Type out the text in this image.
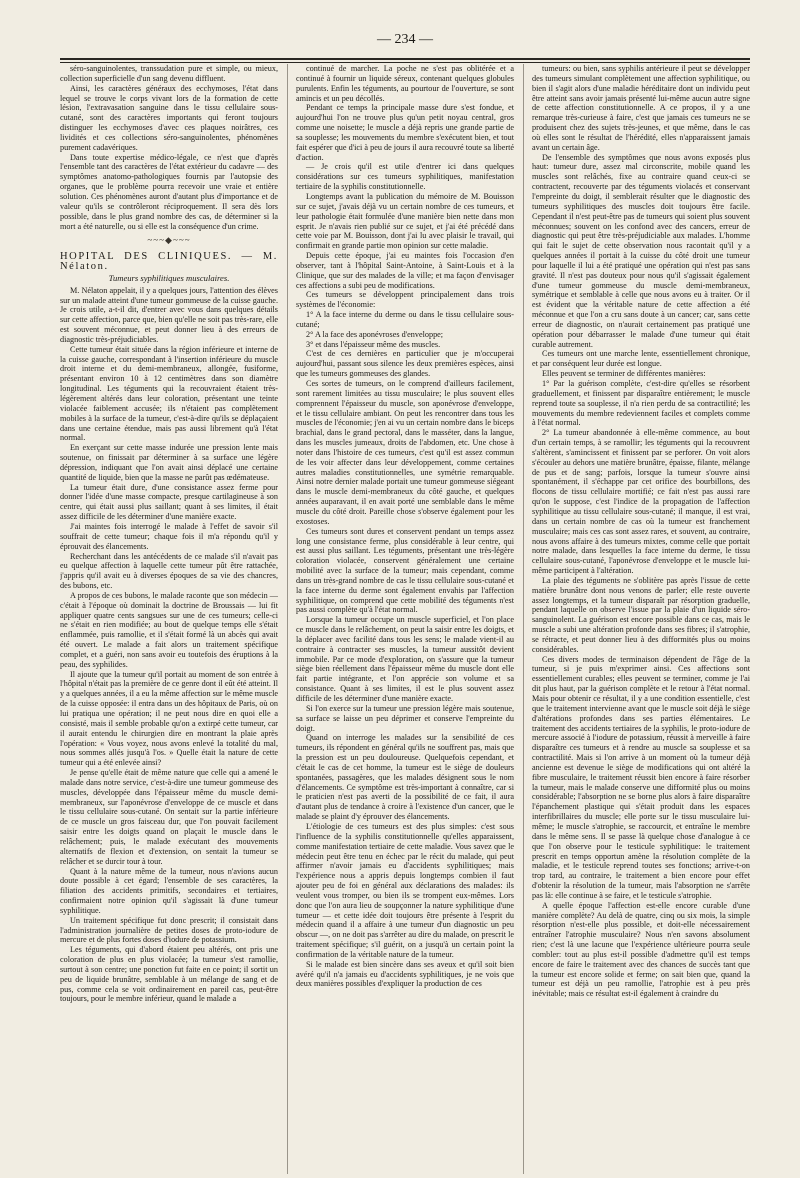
— 234 —

séro-sanguinolentes, transsudation pure et simple, ou mieux, collection superficielle d'un sang devenu diffluent.

Ainsi, les caractères généraux des ecchymoses, l'état dans lequel se trouve le corps vivant lors de la formation de cette lésion, l'extravasation sanguine dans le tissu cellulaire sous-cutané, sont des caractères importants qui feront toujours distinguer les ecchymoses d'avec ces plaques noirâtres, ces lividités et ces collections séro-sanguinolentes, phénomènes purement cadavériques.

Dans toute expertise médico-légale, ce n'est que d'après l'ensemble tant des caractères de l'état extérieur du cadavre — des symptômes anatomo-pathologiques fournis par l'autopsie des organes, que le problème pourra recevoir une vraie et entière solution. Ces phénomènes auront d'autant plus d'importance et de valeur qu'ils se contrôleront réciproquement. Il sera dès lors possible, dans le plus grand nombre des cas, de déterminer si la mort a été naturelle, ou si elle est la conséquence d'un crime.

~~~◆~~~
HOPITAL DES CLINIQUES. — M. Nélaton.
Tumeurs syphilitiques musculaires.

M. Nélaton appelait, il y a quelques jours, l'attention des élèves sur un malade atteint d'une tumeur gommeuse de la cuisse gauche. Je crois utile, a-t-il dit, d'entrer avec vous dans quelques détails sur cette affection, parce que, bien qu'elle ne soit pas très-rare, elle est souvent méconnue, et peut donner lieu à des erreurs de diagnostic très-préjudiciables.

Cette tumeur était située dans la région inférieure et interne de la cuisse gauche, correspondant à l'insertion inférieure du muscle droit interne et du demi-membraneux, allongée, fusiforme, présentant environ 10 à 12 centimètres dans son diamètre longitudinal. Les téguments qui la recouvraient étaient très-légèrement altérés dans leur coloration, présentant une teinte violacée faiblement accusée; ils n'étaient pas complètement mobiles à la surface de la tumeur, c'est-à-dire qu'ils se déplaçaient dans une certaine étendue, mais pas aussi librement qu'à l'état normal.

En exerçant sur cette masse indurée une pression lente mais soutenue, on finissait par déterminer à sa surface une légère dépression, indiquant que l'on avait ainsi déplacé une certaine quantité de liquide, bien que la masse ne parût pas œdémateuse.

La tumeur était dure, d'une consistance assez ferme pour donner l'idée d'une masse compacte, presque cartilagineuse à son centre, qui était aussi plus saillant; quant à ses limites, il était assez difficile de les déterminer d'une manière exacte.

J'ai maintes fois interrogé le malade à l'effet de savoir s'il souffrait de cette tumeur; chaque fois il m'a répondu qu'il y éprouvait des élancements.

Recherchant dans les antécédents de ce malade s'il n'avait pas eu quelque affection à laquelle cette tumeur pût être rattachée, j'appris qu'il avait eu à diverses époques de sa vie des chancres, des bubons, etc.

A propos de ces bubons, le malade raconte que son médecin — c'était à l'époque où dominait la doctrine de Broussais — lui fit appliquer quatre cents sangsues sur une de ces tumeurs; celle-ci ne s'était en rien modifiée; au bout de quelque temps elle s'était enflammée, puis ramollie, et il s'était formé là un abcès qui avait été ouvert. Le malade a fait alors un traitement spécifique complet, et a guéri, non sans avoir eu toutefois des éruptions à la peau, des syphilides.

Il ajoute que la tumeur qu'il portait au moment de son entrée à l'hôpital n'était pas la première de ce genre dont il eût été atteint. Il y a quelques années, il a eu la même affection sur le même muscle de la cuisse opposée: il entra dans un des hôpitaux de Paris, où on lui pratiqua une opération; il ne peut nous dire en quoi elle a consisté, mais il semble probable qu'on a extirpé cette tumeur, car il aurait entendu le chirurgien dire en montrant la plaie après l'opération: « Vous voyez, nous avons enlevé la totalité du mal, nous sommes allés jusqu'à l'os. » Quelle était la nature de cette tumeur qui a été enlevée ainsi?

Je pense qu'elle était de même nature que celle qui a amené le malade dans notre service, c'est-à-dire une tumeur gommeuse des muscles, développée dans l'épaisseur même du muscle demi-membraneux, sur l'aponévrose d'enveloppe de ce muscle et dans le tissu cellulaire sous-cutané. On sentait sur la partie inférieure de ce muscle un gros faisceau dur, que l'on pouvait facilement saisir entre les doigts quand on plaçait le muscle dans le relâchement; puis, le malade exécutant des mouvements alternatifs de flexion et d'extension, on sentait la tumeur se relâcher et se durcir tour à tour.

Quant à la nature même de la tumeur, nous n'avions aucun doute possible à cet égard; l'ensemble de ses caractères, la filiation des accidents primitifs, secondaires et tertiaires, confirmaient notre opinion qu'il s'agissait là d'une tumeur syphilitique.

Un traitement spécifique fut donc prescrit; il consistait dans l'administration journalière de petites doses de proto-iodure de mercure et de plus fortes doses d'iodure de potassium.

Les téguments, qui d'abord étaient peu altérés, ont pris une coloration de plus en plus violacée; la tumeur s'est ramollie, surtout à son centre; une ponction fut faite en ce point; il sortit un peu de liquide brunâtre, semblable à un mélange de sang et de pus, comme cela se voit ordinairement en pareil cas, peut-être toujours, pour le membre inférieur, quand le malade a

continué de marcher. La poche ne s'est pas oblitérée et a continué à fournir un liquide séreux, contenant quelques globules purulents. Enfin les téguments, au pourtour de l'ouverture, se sont amincis et un peu décollés.

Pendant ce temps la principale masse dure s'est fondue, et aujourd'hui l'on ne trouve plus qu'un petit noyau central, gros comme une noisette; le muscle a déjà repris une grande partie de sa souplesse; les mouvements du membre s'exécutent bien, et tout fait espérer que d'ici à peu de jours il aura recouvré toute sa liberté d'action.

— Je crois qu'il est utile d'entrer ici dans quelques considérations sur ces tumeurs syphilitiques, manifestation tertiaire de la syphilis constitutionnelle.

Longtemps avant la publication du mémoire de M. Bouisson sur ce sujet, j'avais déjà vu un certain nombre de ces tumeurs, et leur pathologie était formulée d'une manière bien nette dans mon esprit. Je n'avais rien publié sur ce sujet, et j'ai été précédé dans cette voie par M. Bouisson, dont j'ai lu avec plaisir le travail, qui confirmait en grande partie mon opinion sur cette maladie.

Depuis cette époque, j'ai eu maintes fois l'occasion d'en observer, tant à l'hôpital Saint-Antoine, à Saint-Louis et à la Clinique, que sur des malades de la ville; et ma façon d'envisager ces affections a subi peu de modifications.

Ces tumeurs se développent principalement dans trois systèmes de l'économie:

1° A la face interne du derme ou dans le tissu cellulaire sous-cutané;

2° A la face des aponévroses d'enveloppe;

3° et dans l'épaisseur même des muscles.

C'est de ces dernières en particulier que je m'occuperai aujourd'hui, passant sous silence les deux premières espèces, ainsi que les tumeurs gommeuses des glandes.

Ces sortes de tumeurs, on le comprend d'ailleurs facilement, sont rarement limitées au tissu musculaire; le plus souvent elles comprennent l'épaisseur du muscle, son aponévrose d'enveloppe, et le tissu cellulaire ambiant. On peut les rencontrer dans tous les muscles de l'économie; j'en ai vu un certain nombre dans le biceps brachial, dans le grand pectoral, dans le masséter, dans la langue, dans les muscles jumeaux, droits de l'abdomen, etc. Une chose à noter dans l'histoire de ces tumeurs, c'est qu'il est assez commun de les voir affecter dans leur développement, comme certaines autres maladies constitutionnelles, une symétrie remarquable. Ainsi notre dernier malade portait une tumeur gommeuse siégeant dans le muscle demi-membraneux du côté gauche, et quelques années auparavant, il en avait porté une semblable dans le même muscle du côté droit. Pareille chose s'observe également pour les exostoses.

Ces tumeurs sont dures et conservent pendant un temps assez long une consistance ferme, plus considérable à leur centre, qui est aussi plus saillant. Les téguments, présentant une très-légère coloration violacée, conservent généralement une certaine mobilité avec la surface de la tumeur; mais cependant, comme dans un très-grand nombre de cas le tissu cellulaire sous-cutané et la face interne du derme sont également envahis par l'affection syphilitique, on comprend que cette mobilité des téguments n'est pas aussi complète qu'à l'état normal.

Lorsque la tumeur occupe un muscle superficiel, et l'on place ce muscle dans le relâchement, on peut la saisir entre les doigts, et la déplacer avec facilité dans tous les sens; le malade vient-il au contraire à contracter ses muscles, la tumeur aussitôt devient immobile. Par ce mode d'exploration, on s'assure que la tumeur siège bien réellement dans l'épaisseur même du muscle dont elle fait partie intégrante, et l'on apprécie son volume et sa consistance. Quant à ses limites, il est le plus souvent assez difficile de les déterminer d'une manière exacte.

Si l'on exerce sur la tumeur une pression légère mais soutenue, sa surface se laisse un peu déprimer et conserve l'empreinte du doigt.

Quand on interroge les malades sur la sensibilité de ces tumeurs, ils répondent en général qu'ils ne souffrent pas, mais que la pression est un peu douloureuse. Quelquefois cependant, et c'était le cas de cet homme, la tumeur est le siège de douleurs spontanées, passagères, que les malades désignent sous le nom d'élancements. Ce symptôme est très-important à connaître, car si le praticien n'est pas averti de la possibilité de ce fait, il aura d'autant plus de tendance à croire à l'existence d'un cancer, que le malade se plaint d'y éprouver des élancements.

L'étiologie de ces tumeurs est des plus simples: c'est sous l'influence de la syphilis constitutionnelle qu'elles apparaissent, comme manifestation tertiaire de cette maladie. Vous savez que le médecin peut être tenu en échec par le récit du malade, qui peut affirmer n'avoir jamais eu d'accidents syphilitiques; mais l'expérience nous a appris depuis longtemps combien il faut ajouter peu de foi en général aux déclarations des malades: ils veulent vous tromper, ou bien ils se trompent eux-mêmes. Lors donc que l'on aura lieu de soupçonner la nature syphilitique d'une tumeur — et cette idée doit toujours être présente à l'esprit du médecin quand il a affaire à une tumeur d'un diagnostic un peu obscur —, on ne doit pas s'arrêter au dire du malade, on prescrit le traitement spécifique; s'il guérit, on a jusqu'à un certain point la confirmation de la véritable nature de la tumeur.

Si le malade est bien sincère dans ses aveux et qu'il soit bien avéré qu'il n'a jamais eu d'accidents syphilitiques, je ne vois que deux manières possibles d'expliquer la production de ces

tumeurs: ou bien, sans syphilis antérieure il peut se développer des tumeurs simulant complètement une affection syphilitique, ou bien il s'agit alors d'une maladie héréditaire dont un individu peut être atteint sans avoir jamais présenté lui-même aucun autre signe de cette affection constitutionnelle. A ce propos, il y a une remarque très-curieuse à faire, c'est que jamais ces tumeurs ne se produisent chez des sujets très-jeunes, et que même, dans le cas où elles sont le résultat de l'hérédité, elles n'apparaissent jamais avant un certain âge.

De l'ensemble des symptômes que nous avons exposés plus haut: tumeur dure, assez mal circonscrite, mobile quand les muscles sont relâchés, fixe au contraire quand ceux-ci se contractent, recouverte par des téguments violacés et conservant l'empreinte du doigt, il semblerait résulter que le diagnostic des tumeurs syphilitiques des muscles doit toujours être facile. Cependant il n'est peut-être pas de tumeurs qui soient plus souvent méconnues; souvent on les confond avec des cancers, erreur de diagnostic qui peut être très-préjudiciable aux malades. L'homme qui fait le sujet de cette observation nous racontait qu'il y a quelques années il portait à la cuisse du côté droit une tumeur pour laquelle il lui a été pratiqué une opération qui n'est pas sans gravité. Il n'est pas douteux pour nous qu'il s'agissait également d'une tumeur gommeuse du muscle demi-membraneux, symétrique et semblable à celle que nous avons eu à traiter. Or il est évident que la véritable nature de cette affection a été méconnue et que l'on a cru sans doute à un cancer; car, sans cette erreur de diagnostic, on n'aurait certainement pas pratiqué une opération pour débarrasser le malade d'une tumeur qui était curable autrement.

Ces tumeurs ont une marche lente, essentiellement chronique, et par conséquent leur durée est longue.

Elles peuvent se terminer de différentes manières:

1° Par la guérison complète, c'est-dire qu'elles se résorbent graduellement, et finissent par disparaître entièrement; le muscle reprend toute sa souplesse, il n'a rien perdu de sa contractilité; les mouvements du membre redeviennent faciles et complets comme à l'état normal.

2° La tumeur abandonnée à elle-même commence, au bout d'un certain temps, à se ramollir; les téguments qui la recouvrent s'altèrent, s'amincissent et finissent par se perforer. On voit alors s'écouler au dehors une matière brunâtre, épaisse, filante, mélange de pus et de sang; parfois, lorsque la tumeur s'ouvre ainsi spontanément, il s'échappe par cet orifice des bourbillons, des flocons de tissu cellulaire mortifié; ce fait n'est pas aussi rare qu'on le suppose, c'est l'indice de la propagation de l'affection syphilitique au tissu cellulaire sous-cutané; il manque, il est vrai, dans un certain nombre de cas où la tumeur est franchement musculaire; mais ces cas sont assez rares, et souvent, au contraire, nous avons affaire à des tumeurs mixtes, comme celle que portait notre malade, dans lesquelles la face interne du derme, le tissu cellulaire sous-cutané, l'aponévrose d'enveloppe et le muscle lui-même participent à l'altération.

La plaie des téguments ne s'oblitère pas après l'issue de cette matière brunâtre dont nous venons de parler; elle reste ouverte assez longtemps, et la tumeur disparaît par résorption graduelle, pendant laquelle on observe l'issue par la plaie d'un liquide séro-sanguinolent. La guérison est encore possible dans ce cas, mais le muscle a subi une altération profonde dans ses fibres; il s'atrophie, se rétracte, et peut donner lieu à des difformités plus ou moins considérables.

Ces divers modes de terminaison dépendent de l'âge de la tumeur, si je puis m'exprimer ainsi. Ces affections sont essentiellement curables; elles peuvent se terminer, comme je l'ai dit plus haut, par la guérison complète et le retour à l'état normal. Mais pour obtenir ce résultat, il y a une condition essentielle, c'est que le traitement intervienne avant que le muscle soit déjà le siège d'altérations profondes dans ses parties élémentaires. Le traitement des accidents tertiaires de la syphilis, le proto-iodure de mercure associé à l'iodure de potassium, réussit à merveille à faire disparaître ces tumeurs et à rendre au muscle sa souplesse et sa contractilité. Mais si l'on arrive à un moment où la tumeur déjà ancienne est devenue le siège de modifications qui ont altéré la fibre musculaire, le traitement réussit bien encore à faire résorber la tumeur, mais le malade conserve une difformité plus ou moins considérable; l'absorption ne se borne plus alors à faire disparaître l'épanchement plastique qui s'était produit dans les espaces interfibrillaires du muscle; elle porte sur le tissu musculaire lui-même; le muscle s'atrophie, se raccourcit, et entraîne le membre dans le même sens. Il se passe là quelque chose d'analogue à ce que l'on observe pour le testicule syphilitique: le traitement prescrit en temps opportun amène la résolution complète de la maladie, et le testicule reprend toutes ses fonctions; arrive-t-on trop tard, au contraire, le traitement a bien encore pour effet d'obtenir la résolution de la tumeur, mais l'absorption ne s'arrête pas là: elle continue à se faire, et le testicule s'atrophie.

A quelle époque l'affection est-elle encore curable d'une manière complète? Au delà de quatre, cinq ou six mois, la simple résorption n'est-elle plus possible, et doit-elle nécessairement entraîner l'atrophie musculaire? Nous n'en savons absolument rien; c'est là une lacune que l'expérience ultérieure pourra seule combler: tout au plus est-il possible d'admettre qu'il est temps encore de faire le traitement avec des chances de succès tant que la tumeur est encore solide et ferme; on sait bien que, quand la tumeur est déjà un peu ramollie, l'atrophie est à peu près inévitable; mais ce résultat est-il également à craindre du
